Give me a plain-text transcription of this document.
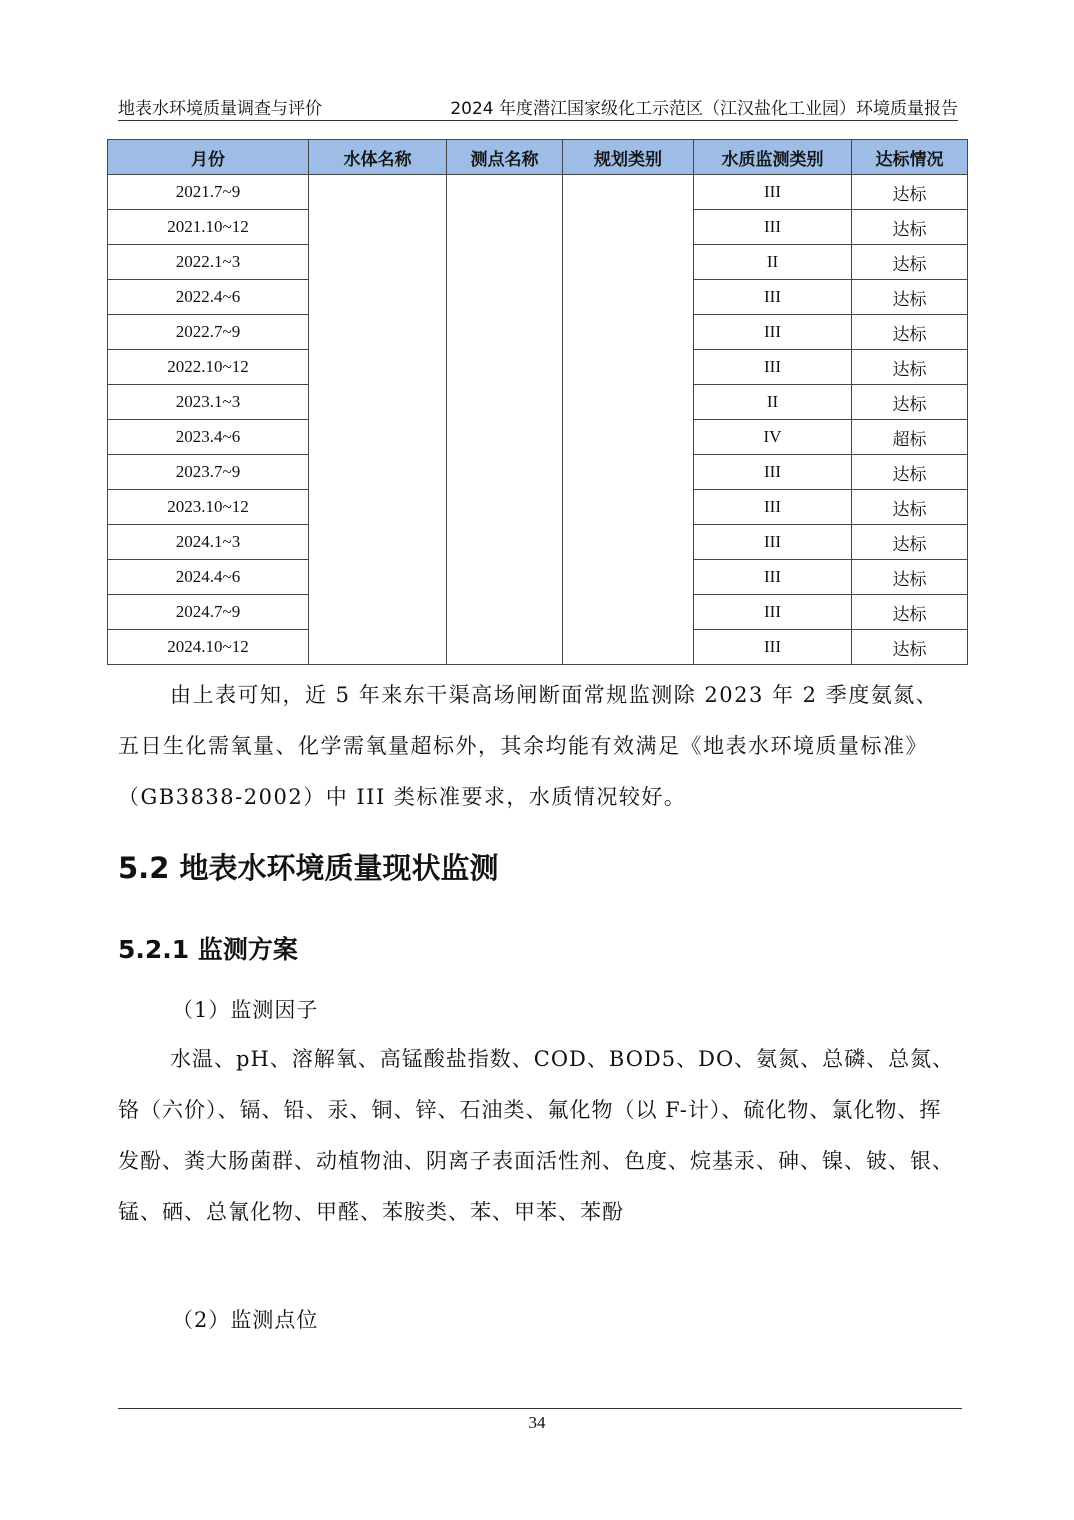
地表水环境质量调查与评价	2024 年度潜江国家级化工示范区（江汉盐化工业园）环境质量报告
月份	水体名称	测点名称	规划类别	水质监测类别	达标情况
2021.7~9				III	达标
2021.10~12				III	达标
2022.1~3				II	达标
2022.4~6				III	达标
2022.7~9				III	达标
2022.10~12				III	达标
2023.1~3				II	达标
2023.4~6				IV	超标
2023.7~9				III	达标
2023.10~12				III	达标
2024.1~3				III	达标
2024.4~6				III	达标
2024.7~9				III	达标
2024.10~12				III	达标

由上表可知，近 5 年来东干渠高场闸断面常规监测除 2023 年 2 季度氨氮、五日生化需氧量、化学需氧量超标外，其余均能有效满足《地表水环境质量标准》（GB3838-2002）中 III 类标准要求，水质情况较好。

5.2 地表水环境质量现状监测
5.2.1 监测方案

（1）监测因子

水温、pH、溶解氧、高锰酸盐指数、COD、BOD5、DO、氨氮、总磷、总氮、铬（六价）、镉、铅、汞、铜、锌、石油类、氟化物（以 F-计）、硫化物、氯化物、挥发酚、粪大肠菌群、动植物油、阴离子表面活性剂、色度、烷基汞、砷、镍、铍、银、锰、硒、总氰化物、甲醛、苯胺类、苯、甲苯、苯酚

（2）监测点位

34
